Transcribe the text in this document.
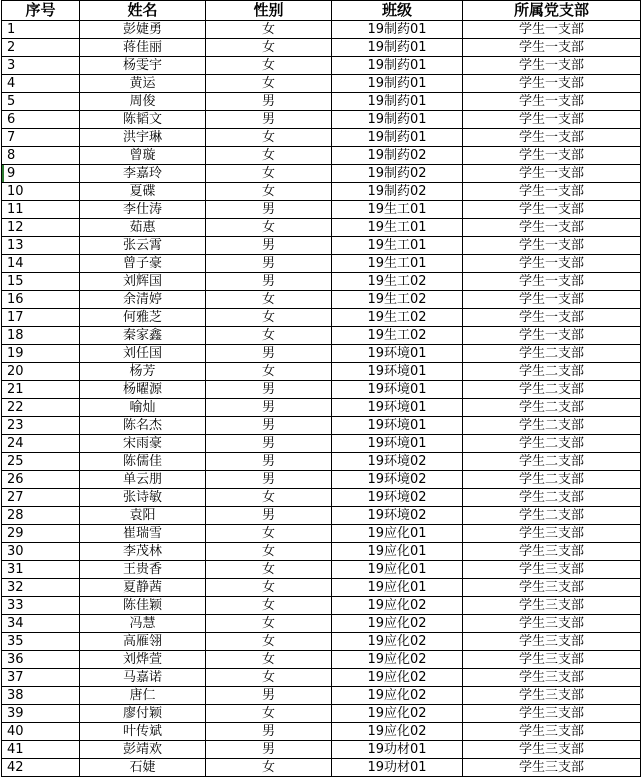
序号	姓名	性别	班级	所属党支部
1	彭婕勇	女	19制药01	学生一支部
2	蒋佳丽	女	19制药01	学生一支部
3	杨雯宇	女	19制药01	学生一支部
4	黄运	女	19制药01	学生一支部
5	周俊	男	19制药01	学生一支部
6	陈韬文	男	19制药01	学生一支部
7	洪宇琳	女	19制药01	学生一支部
8	曾璇	女	19制药02	学生一支部
9	李嘉玲	女	19制药02	学生一支部
10	夏碟	女	19制药02	学生一支部
11	李仕涛	男	19生工01	学生一支部
12	茹惠	女	19生工01	学生一支部
13	张云霄	男	19生工01	学生一支部
14	曾子豪	男	19生工01	学生一支部
15	刘辉国	男	19生工02	学生一支部
16	余清婷	女	19生工02	学生一支部
17	何雅芝	女	19生工02	学生一支部
18	秦家鑫	女	19生工02	学生一支部
19	刘任国	男	19环境01	学生二支部
20	杨芳	女	19环境01	学生二支部
21	杨曜源	男	19环境01	学生二支部
22	喻灿	男	19环境01	学生二支部
23	陈名杰	男	19环境01	学生二支部
24	宋雨豪	男	19环境01	学生二支部
25	陈儒佳	男	19环境02	学生二支部
26	单云朋	男	19环境02	学生二支部
27	张诗敏	女	19环境02	学生二支部
28	袁阳	男	19环境02	学生二支部
29	崔瑞雪	女	19应化01	学生三支部
30	李茂林	女	19应化01	学生三支部
31	王贵香	女	19应化01	学生三支部
32	夏静茜	女	19应化01	学生三支部
33	陈佳颖	女	19应化02	学生三支部
34	冯慧	女	19应化02	学生三支部
35	高雁翎	女	19应化02	学生三支部
36	刘烨萱	女	19应化02	学生三支部
37	马嘉诺	女	19应化02	学生三支部
38	唐仁	男	19应化02	学生三支部
39	廖付颖	女	19应化02	学生三支部
40	叶传斌	男	19应化02	学生三支部
41	彭靖欢	男	19功材01	学生三支部
42	石婕	女	19功材01	学生三支部
